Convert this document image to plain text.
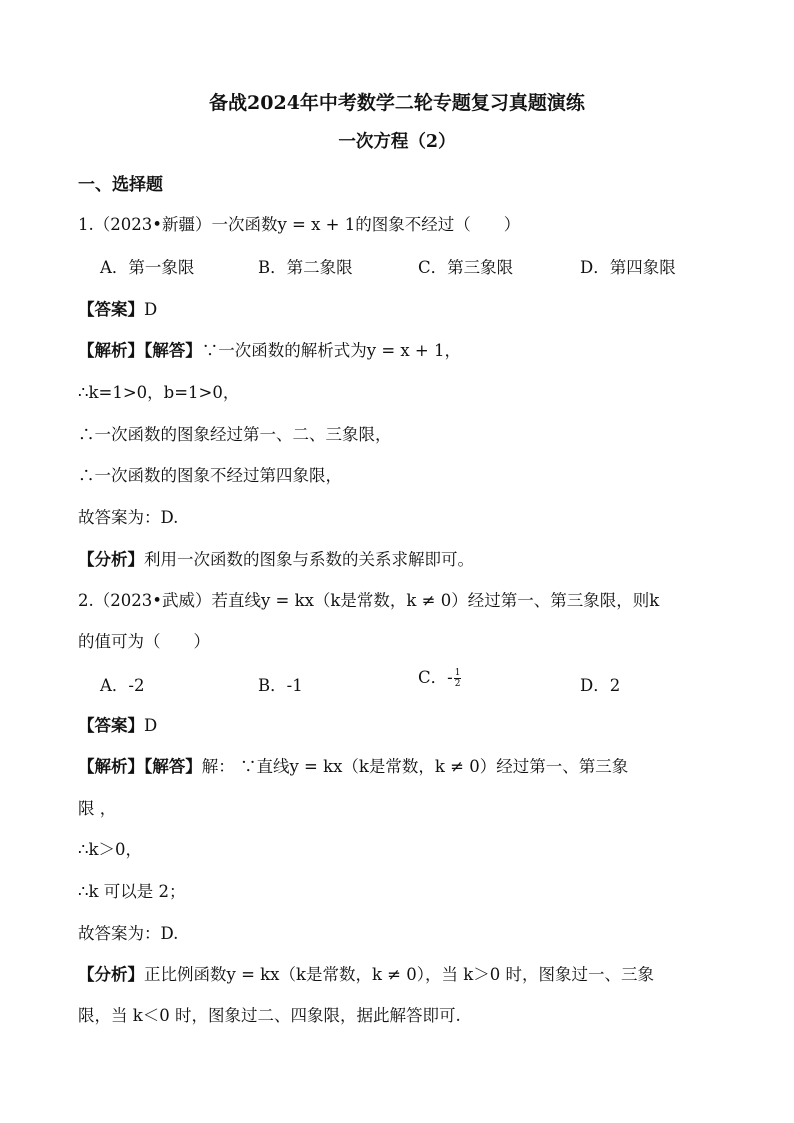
备战2024年中考数学二轮专题复习真题演练
一次方程（2）
一、选择题
1.（2023•新疆）一次函数y = x + 1的图象不经过（　　）
A．第一象限	B．第二象限	C．第三象限	D．第四象限
【答案】D
【解析】【解答】∵一次函数的解析式为y = x + 1，
∴k=1>0，b=1>0，
∴一次函数的图象经过第一、二、三象限，
∴一次函数的图象不经过第四象限，
故答案为：D.
【分析】利用一次函数的图象与系数的关系求解即可。
2.（2023•武威）若直线y = kx（k是常数，k ≠ 0）经过第一、第三象限，则k
的值可为（　　）
A．-2	B．-1	C．- $\frac{1}{2}$	D．2
【答案】D
【解析】【解答】解： ∵直线y = kx（k是常数，k ≠ 0）经过第一、第三象
限 ，
∴k＞0，
∴k 可以是 2；
故答案为：D.
【分析】正比例函数y = kx（k是常数，k ≠ 0），当 k＞0 时，图象过一、三象
限，当 k＜0 时，图象过二、四象限，据此解答即可.
